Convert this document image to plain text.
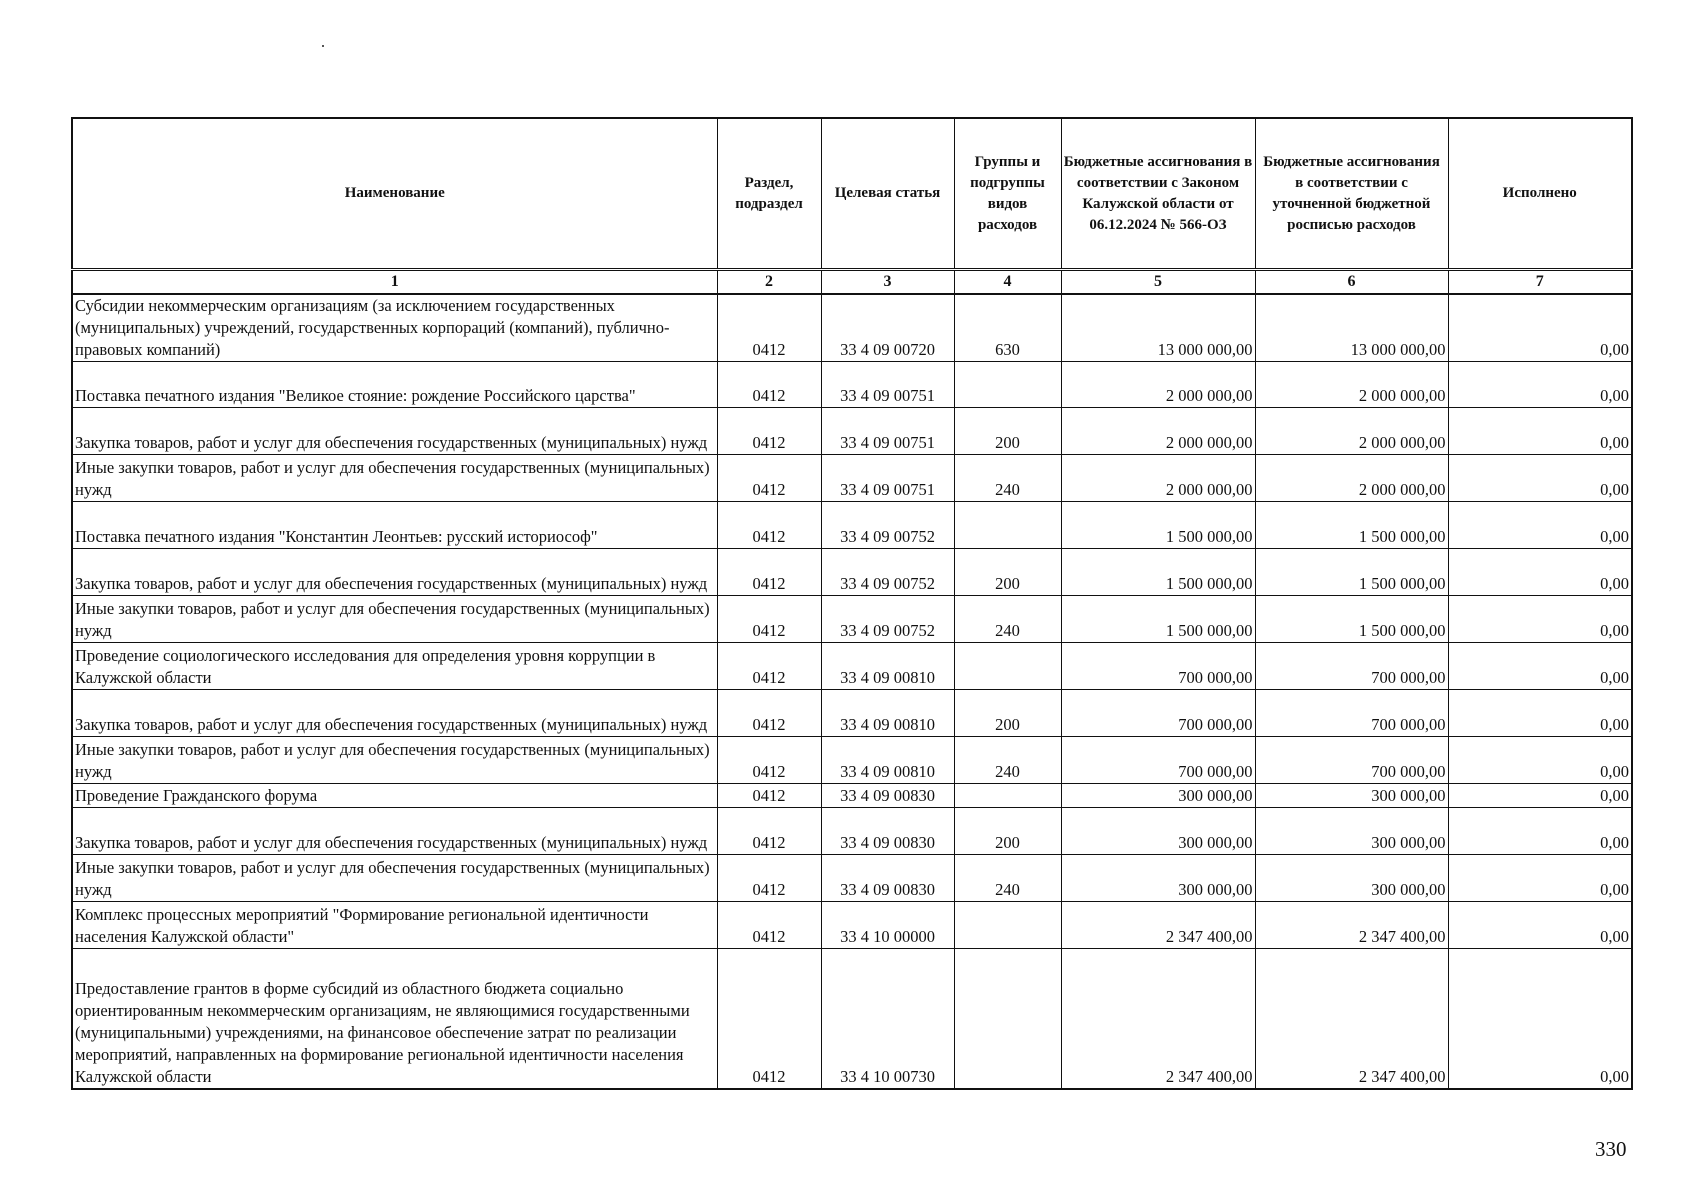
Наименование	Раздел, подраздел	Целевая статья	Группы и подгруппы видов расходов	Бюджетные ассигнования в соответствии с Законом Калужской области от 06.12.2024 № 566-ОЗ	Бюджетные ассигнования в соответствии с уточненной бюджетной росписью расходов	Исполнено
1	2	3	4	5	6	7
Субсидии некоммерческим организациям (за исключением государственных (муниципальных) учреждений, государственных корпораций (компаний), публично-правовых компаний)	0412	33 4 09 00720	630	13 000 000,00	13 000 000,00	0,00
Поставка печатного издания "Великое стояние: рождение Российского царства"	0412	33 4 09 00751		2 000 000,00	2 000 000,00	0,00
Закупка товаров, работ и услуг для обеспечения государственных (муниципальных) нужд	0412	33 4 09 00751	200	2 000 000,00	2 000 000,00	0,00
Иные закупки товаров, работ и услуг для обеспечения государственных (муниципальных) нужд	0412	33 4 09 00751	240	2 000 000,00	2 000 000,00	0,00
Поставка печатного издания "Константин Леонтьев: русский историософ"	0412	33 4 09 00752		1 500 000,00	1 500 000,00	0,00
Закупка товаров, работ и услуг для обеспечения государственных (муниципальных) нужд	0412	33 4 09 00752	200	1 500 000,00	1 500 000,00	0,00
Иные закупки товаров, работ и услуг для обеспечения государственных (муниципальных) нужд	0412	33 4 09 00752	240	1 500 000,00	1 500 000,00	0,00
Проведение социологического исследования для определения уровня коррупции в Калужской области	0412	33 4 09 00810		700 000,00	700 000,00	0,00
Закупка товаров, работ и услуг для обеспечения государственных (муниципальных) нужд	0412	33 4 09 00810	200	700 000,00	700 000,00	0,00
Иные закупки товаров, работ и услуг для обеспечения государственных (муниципальных) нужд	0412	33 4 09 00810	240	700 000,00	700 000,00	0,00
Проведение Гражданского форума	0412	33 4 09 00830		300 000,00	300 000,00	0,00
Закупка товаров, работ и услуг для обеспечения государственных (муниципальных) нужд	0412	33 4 09 00830	200	300 000,00	300 000,00	0,00
Иные закупки товаров, работ и услуг для обеспечения государственных (муниципальных) нужд	0412	33 4 09 00830	240	300 000,00	300 000,00	0,00
Комплекс процессных мероприятий "Формирование региональной идентичности населения Калужской области"	0412	33 4 10 00000		2 347 400,00	2 347 400,00	0,00
Предоставление грантов в форме субсидий из областного бюджета социально ориентированным некоммерческим организациям, не являющимися государственными (муниципальными) учреждениями, на финансовое обеспечение затрат по реализации мероприятий, направленных на формирование региональной идентичности населения Калужской области	0412	33 4 10 00730		2 347 400,00	2 347 400,00	0,00
330
